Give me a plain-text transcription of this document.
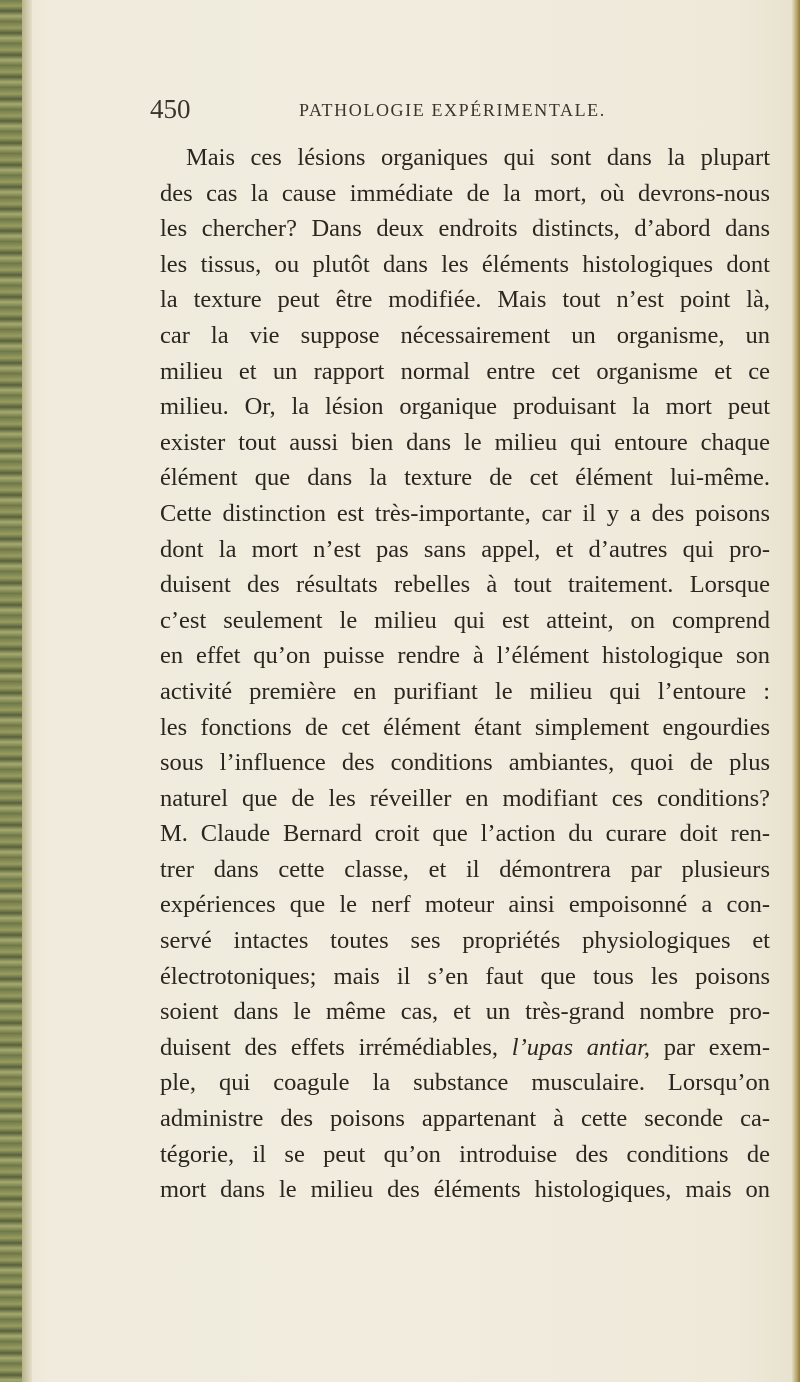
450	PATHOLOGIE EXPÉRIMENTALE.
Mais ces lésions organiques qui sont dans la plupart
des cas la cause immédiate de la mort, où devrons-nous
les chercher? Dans deux endroits distincts, d’abord dans
les tissus, ou plutôt dans les éléments histologiques dont
la texture peut être modifiée. Mais tout n’est point là,
car la vie suppose nécessairement un organisme, un
milieu et un rapport normal entre cet organisme et ce
milieu. Or, la lésion organique produisant la mort peut
exister tout aussi bien dans le milieu qui entoure chaque
élément que dans la texture de cet élément lui-même.
Cette distinction est très-importante, car il y a des poisons
dont la mort n’est pas sans appel, et d’autres qui pro-
duisent des résultats rebelles à tout traitement. Lorsque
c’est seulement le milieu qui est atteint, on comprend
en effet qu’on puisse rendre à l’élément histologique son
activité première en purifiant le milieu qui l’entoure :
les fonctions de cet élément étant simplement engourdies
sous l’influence des conditions ambiantes, quoi de plus
naturel que de les réveiller en modifiant ces conditions?
M. Claude Bernard croit que l’action du curare doit ren-
trer dans cette classe, et il démontrera par plusieurs
expériences que le nerf moteur ainsi empoisonné a con-
servé intactes toutes ses propriétés physiologiques et
électrotoniques; mais il s’en faut que tous les poisons
soient dans le même cas, et un très-grand nombre pro-
duisent des effets irrémédiables, l’upas antiar, par exem-
ple, qui coagule la substance musculaire. Lorsqu’on
administre des poisons appartenant à cette seconde ca-
tégorie, il se peut qu’on introduise des conditions de
mort dans le milieu des éléments histologiques, mais on
